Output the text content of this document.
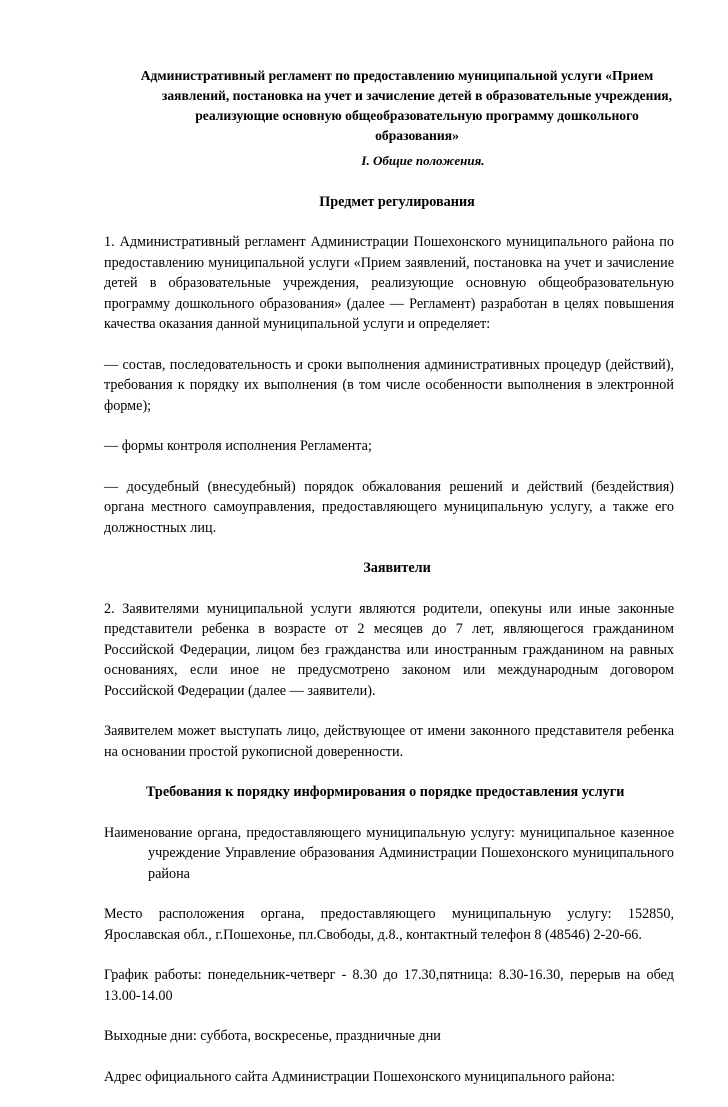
Административный регламент по предоставлению муниципальной услуги «Прием заявлений, постановка на учет и зачисление детей в образовательные учреждения, реализующие основную общеобразовательную программу дошкольного образования»
I. Общие положения.
Предмет регулирования

1. Административный регламент Администрации Пошехонского муниципального района по предоставлению муниципальной услуги «Прием заявлений, постановка на учет и зачисление детей в образовательные учреждения, реализующие основную общеобразовательную программу дошкольного образования» (далее — Регламент) разработан в целях повышения качества оказания данной муниципальной услуги и определяет:

— состав, последовательность и сроки выполнения административных процедур (действий), требования к порядку их выполнения (в том числе особенности выполнения в электронной форме);

— формы контроля исполнения Регламента;

— досудебный (внесудебный) порядок обжалования решений и действий (бездействия) органа местного самоуправления, предоставляющего муниципальную услугу, а также его должностных лиц.

Заявители

2. Заявителями муниципальной услуги являются родители, опекуны или иные законные представители ребенка в возрасте от 2 месяцев до 7 лет, являющегося гражданином Российской Федерации, лицом без гражданства или иностранным гражданином на равных основаниях, если иное не предусмотрено законом или международным договором Российской Федерации (далее — заявители).

Заявителем может выступать лицо, действующее от имени законного представителя ребенка на основании простой рукописной доверенности.

Требования к порядку информирования о порядке предоставления услуги

Наименование органа, предоставляющего муниципальную услугу: муниципальное казенное учреждение Управление образования Администрации Пошехонского муниципального района

Место расположения органа, предоставляющего муниципальную услугу: 152850, Ярославская обл., г.Пошехонье, пл.Свободы, д.8., контактный телефон 8 (48546) 2-20-66.

График работы: понедельник-четверг - 8.30 до 17.30,пятница: 8.30-16.30, перерыв на обед 13.00-14.00

Выходные дни: суббота, воскресенье, праздничные дни

Адрес официального сайта Администрации Пошехонского муниципального района:
